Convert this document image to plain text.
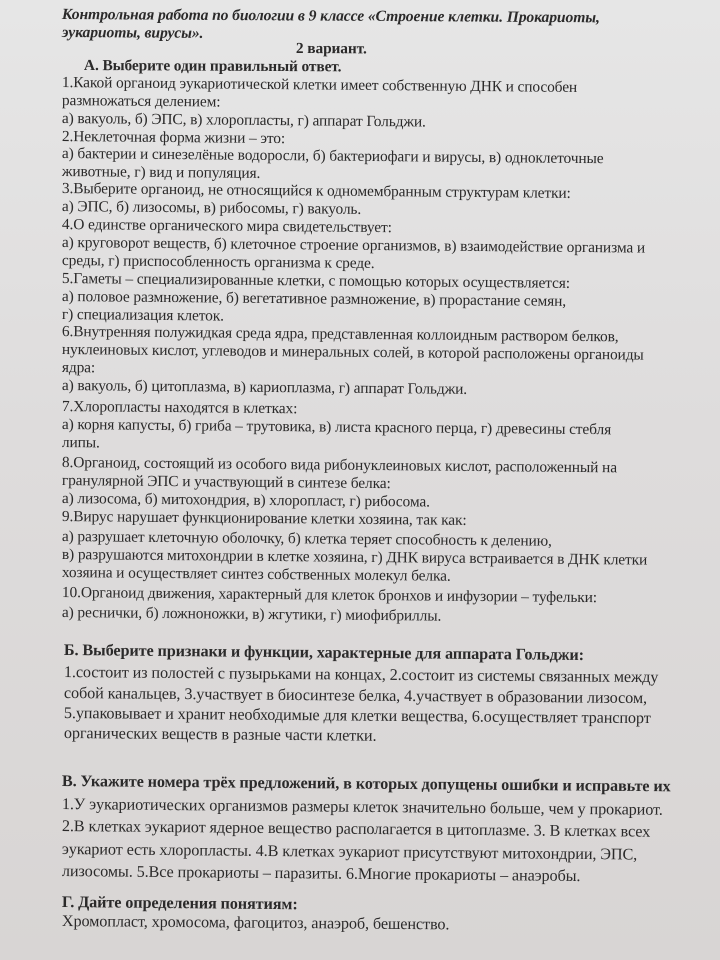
Контрольная работа по биологии в 9 классе «Строение клетки. Прокариоты,
эукариоты, вирусы».
2 вариант.
А. Выберите один правильный ответ.
1.Какой органоид эукариотической клетки имеет собственную ДНК и способен
размножаться делением:
а) вакуоль, б) ЭПС, в) хлоропласты, г) аппарат Гольджи.
2.Неклеточная форма жизни – это:
а) бактерии и синезелёные водоросли, б) бактериофаги и вирусы, в) одноклеточные
животные, г) вид и популяция.
3.Выберите органоид, не относящийся к одномембранным структурам клетки:
а) ЭПС, б) лизосомы, в) рибосомы, г) вакуоль.
4.О единстве органического мира свидетельствует:
а) круговорот веществ, б) клеточное строение организмов, в) взаимодействие организма и
среды, г) приспособленность организма к среде.
5.Гаметы – специализированные клетки, с помощью которых осуществляется:
а) половое размножение, б) вегетативное размножение, в) прорастание семян,
г) специализация клеток.
6.Внутренняя полужидкая среда ядра, представленная коллоидным раствором белков,
нуклеиновых кислот, углеводов и минеральных солей, в которой расположены органоиды
ядра:
а) вакуоль, б) цитоплазма, в) кариоплазма, г) аппарат Гольджи.
7.Хлоропласты находятся в клетках:
а) корня капусты, б) гриба – трутовика, в) листа красного перца, г) древесины стебля
липы.
8.Органоид, состоящий из особого вида рибонуклеиновых кислот, расположенный на
гранулярной ЭПС и участвующий в синтезе белка:
а) лизосома, б) митохондрия, в) хлоропласт, г) рибосома.
9.Вирус нарушает функционирование клетки хозяина, так как:
а) разрушает клеточную оболочку, б) клетка теряет способность к делению,
в) разрушаются митохондрии в клетке хозяина, г) ДНК вируса встраивается в ДНК клетки
хозяина и осуществляет синтез собственных молекул белка.
10.Органоид движения, характерный для клеток бронхов и инфузории – туфельки:
а) реснички, б) ложноножки, в) жгутики, г) миофибриллы.
Б. Выберите признаки и функции, характерные для аппарата Гольджи:
1.состоит из полостей с пузырьками на концах, 2.состоит из системы связанных между
собой канальцев, 3.участвует в биосинтезе белка, 4.участвует в образовании лизосом,
5.упаковывает и хранит необходимые для клетки вещества, 6.осуществляет транспорт
органических веществ в разные части клетки.
В. Укажите номера трёх предложений, в которых допущены ошибки и исправьте их
1.У эукариотических организмов размеры клеток значительно больше, чем у прокариот.
2.В клетках эукариот ядерное вещество располагается в цитоплазме. 3. В клетках всех
эукариот есть хлоропласты. 4.В клетках эукариот присутствуют митохондрии, ЭПС,
лизосомы. 5.Все прокариоты – паразиты. 6.Многие прокариоты – анаэробы.
Г. Дайте определения понятиям:
Хромопласт, хромосома, фагоцитоз, анаэроб, бешенство.
